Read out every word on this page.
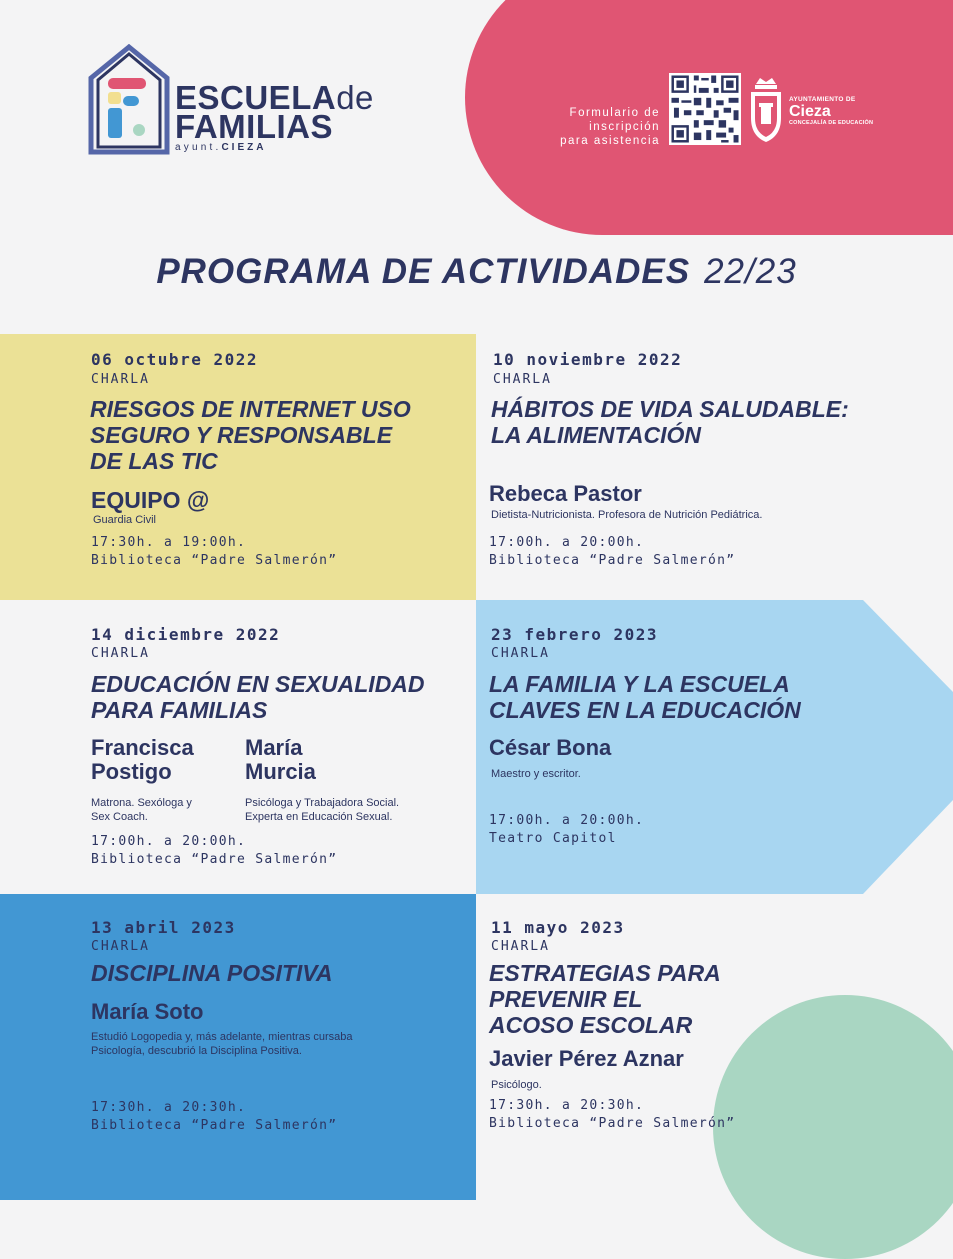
ESCUELAde
FAMILIAS
ayunt.CIEZA
Formulario de
inscripción
para asistencia
AYUNTAMIENTO DE
Cieza
CONCEJALÍA DE EDUCACIÓN
PROGRAMA DE ACTIVIDADES 22/23
06 octubre 2022
CHARLA
RIESGOS DE INTERNET USO
SEGURO Y RESPONSABLE
DE LAS TIC
EQUIPO @
Guardia Civil
17:30h. a 19:00h.
Biblioteca “Padre Salmerón”
10 noviembre 2022
CHARLA
HÁBITOS DE VIDA SALUDABLE:
LA ALIMENTACIÓN
Rebeca Pastor
Dietista-Nutricionista. Profesora de Nutrición Pediátrica.
17:00h. a 20:00h.
Biblioteca “Padre Salmerón”
14 diciembre 2022
CHARLA
EDUCACIÓN EN SEXUALIDAD
PARA FAMILIAS
Francisca
Postigo
Matrona. Sexóloga y
Sex Coach.
María
Murcia
Psicóloga y Trabajadora Social.
Experta en Educación Sexual.
17:00h. a 20:00h.
Biblioteca “Padre Salmerón”
23 febrero 2023
CHARLA
LA FAMILIA Y LA ESCUELA
CLAVES EN LA EDUCACIÓN
César Bona
Maestro y escritor.
17:00h. a 20:00h.
Teatro Capitol
13 abril 2023
CHARLA
DISCIPLINA POSITIVA
María Soto
Estudió Logopedia y, más adelante, mientras cursaba
Psicología, descubrió la Disciplina Positiva.
17:30h. a 20:30h.
Biblioteca “Padre Salmerón”
11 mayo 2023
CHARLA
ESTRATEGIAS PARA
PREVENIR EL
ACOSO ESCOLAR
Javier Pérez Aznar
Psicólogo.
17:30h. a 20:30h.
Biblioteca “Padre Salmerón”
